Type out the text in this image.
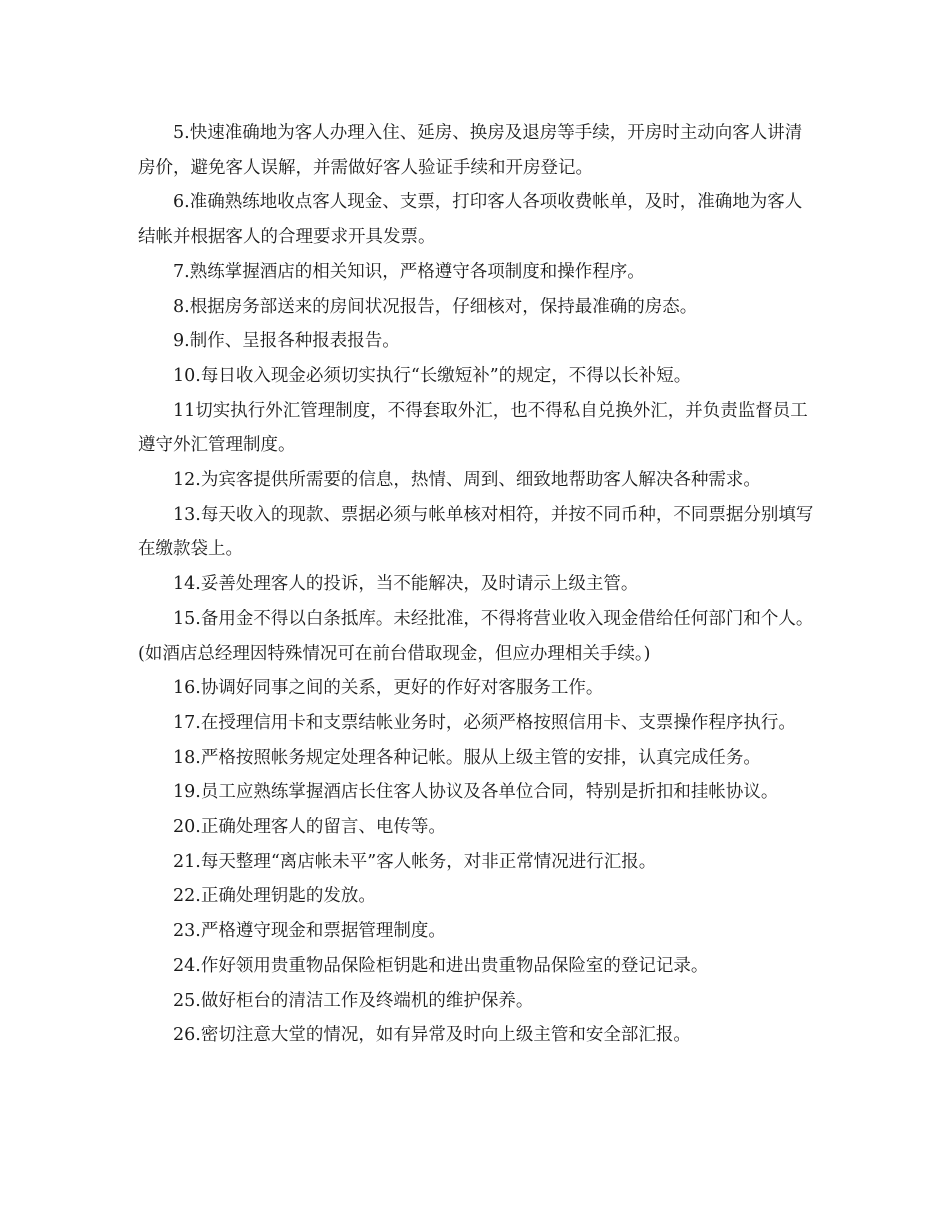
5.快速准确地为客人办理入住、延房、换房及退房等手续，开房时主动向客人讲清房价，避免客人误解，并需做好客人验证手续和开房登记。

6.准确熟练地收点客人现金、支票，打印客人各项收费帐单，及时，准确地为客人结帐并根据客人的合理要求开具发票。

7.熟练掌握酒店的相关知识，严格遵守各项制度和操作程序。

8.根据房务部送来的房间状况报告，仔细核对，保持最准确的房态。

9.制作、呈报各种报表报告。

10.每日收入现金必须切实执行“长缴短补”的规定，不得以长补短。

11切实执行外汇管理制度，不得套取外汇，也不得私自兑换外汇，并负责监督员工遵守外汇管理制度。

12.为宾客提供所需要的信息，热情、周到、细致地帮助客人解决各种需求。

13.每天收入的现款、票据必须与帐单核对相符，并按不同币种，不同票据分别填写在缴款袋上。

14.妥善处理客人的投诉，当不能解决，及时请示上级主管。

15.备用金不得以白条抵库。未经批准，不得将营业收入现金借给任何部门和个人。(如酒店总经理因特殊情况可在前台借取现金，但应办理相关手续。)

16.协调好同事之间的关系，更好的作好对客服务工作。

17.在授理信用卡和支票结帐业务时，必须严格按照信用卡、支票操作程序执行。

18.严格按照帐务规定处理各种记帐。服从上级主管的安排，认真完成任务。

19.员工应熟练掌握酒店长住客人协议及各单位合同，特别是折扣和挂帐协议。

20.正确处理客人的留言、电传等。

21.每天整理“离店帐未平”客人帐务，对非正常情况进行汇报。

22.正确处理钥匙的发放。

23.严格遵守现金和票据管理制度。

24.作好领用贵重物品保险柜钥匙和进出贵重物品保险室的登记记录。

25.做好柜台的清洁工作及终端机的维护保养。

26.密切注意大堂的情况，如有异常及时向上级主管和安全部汇报。
